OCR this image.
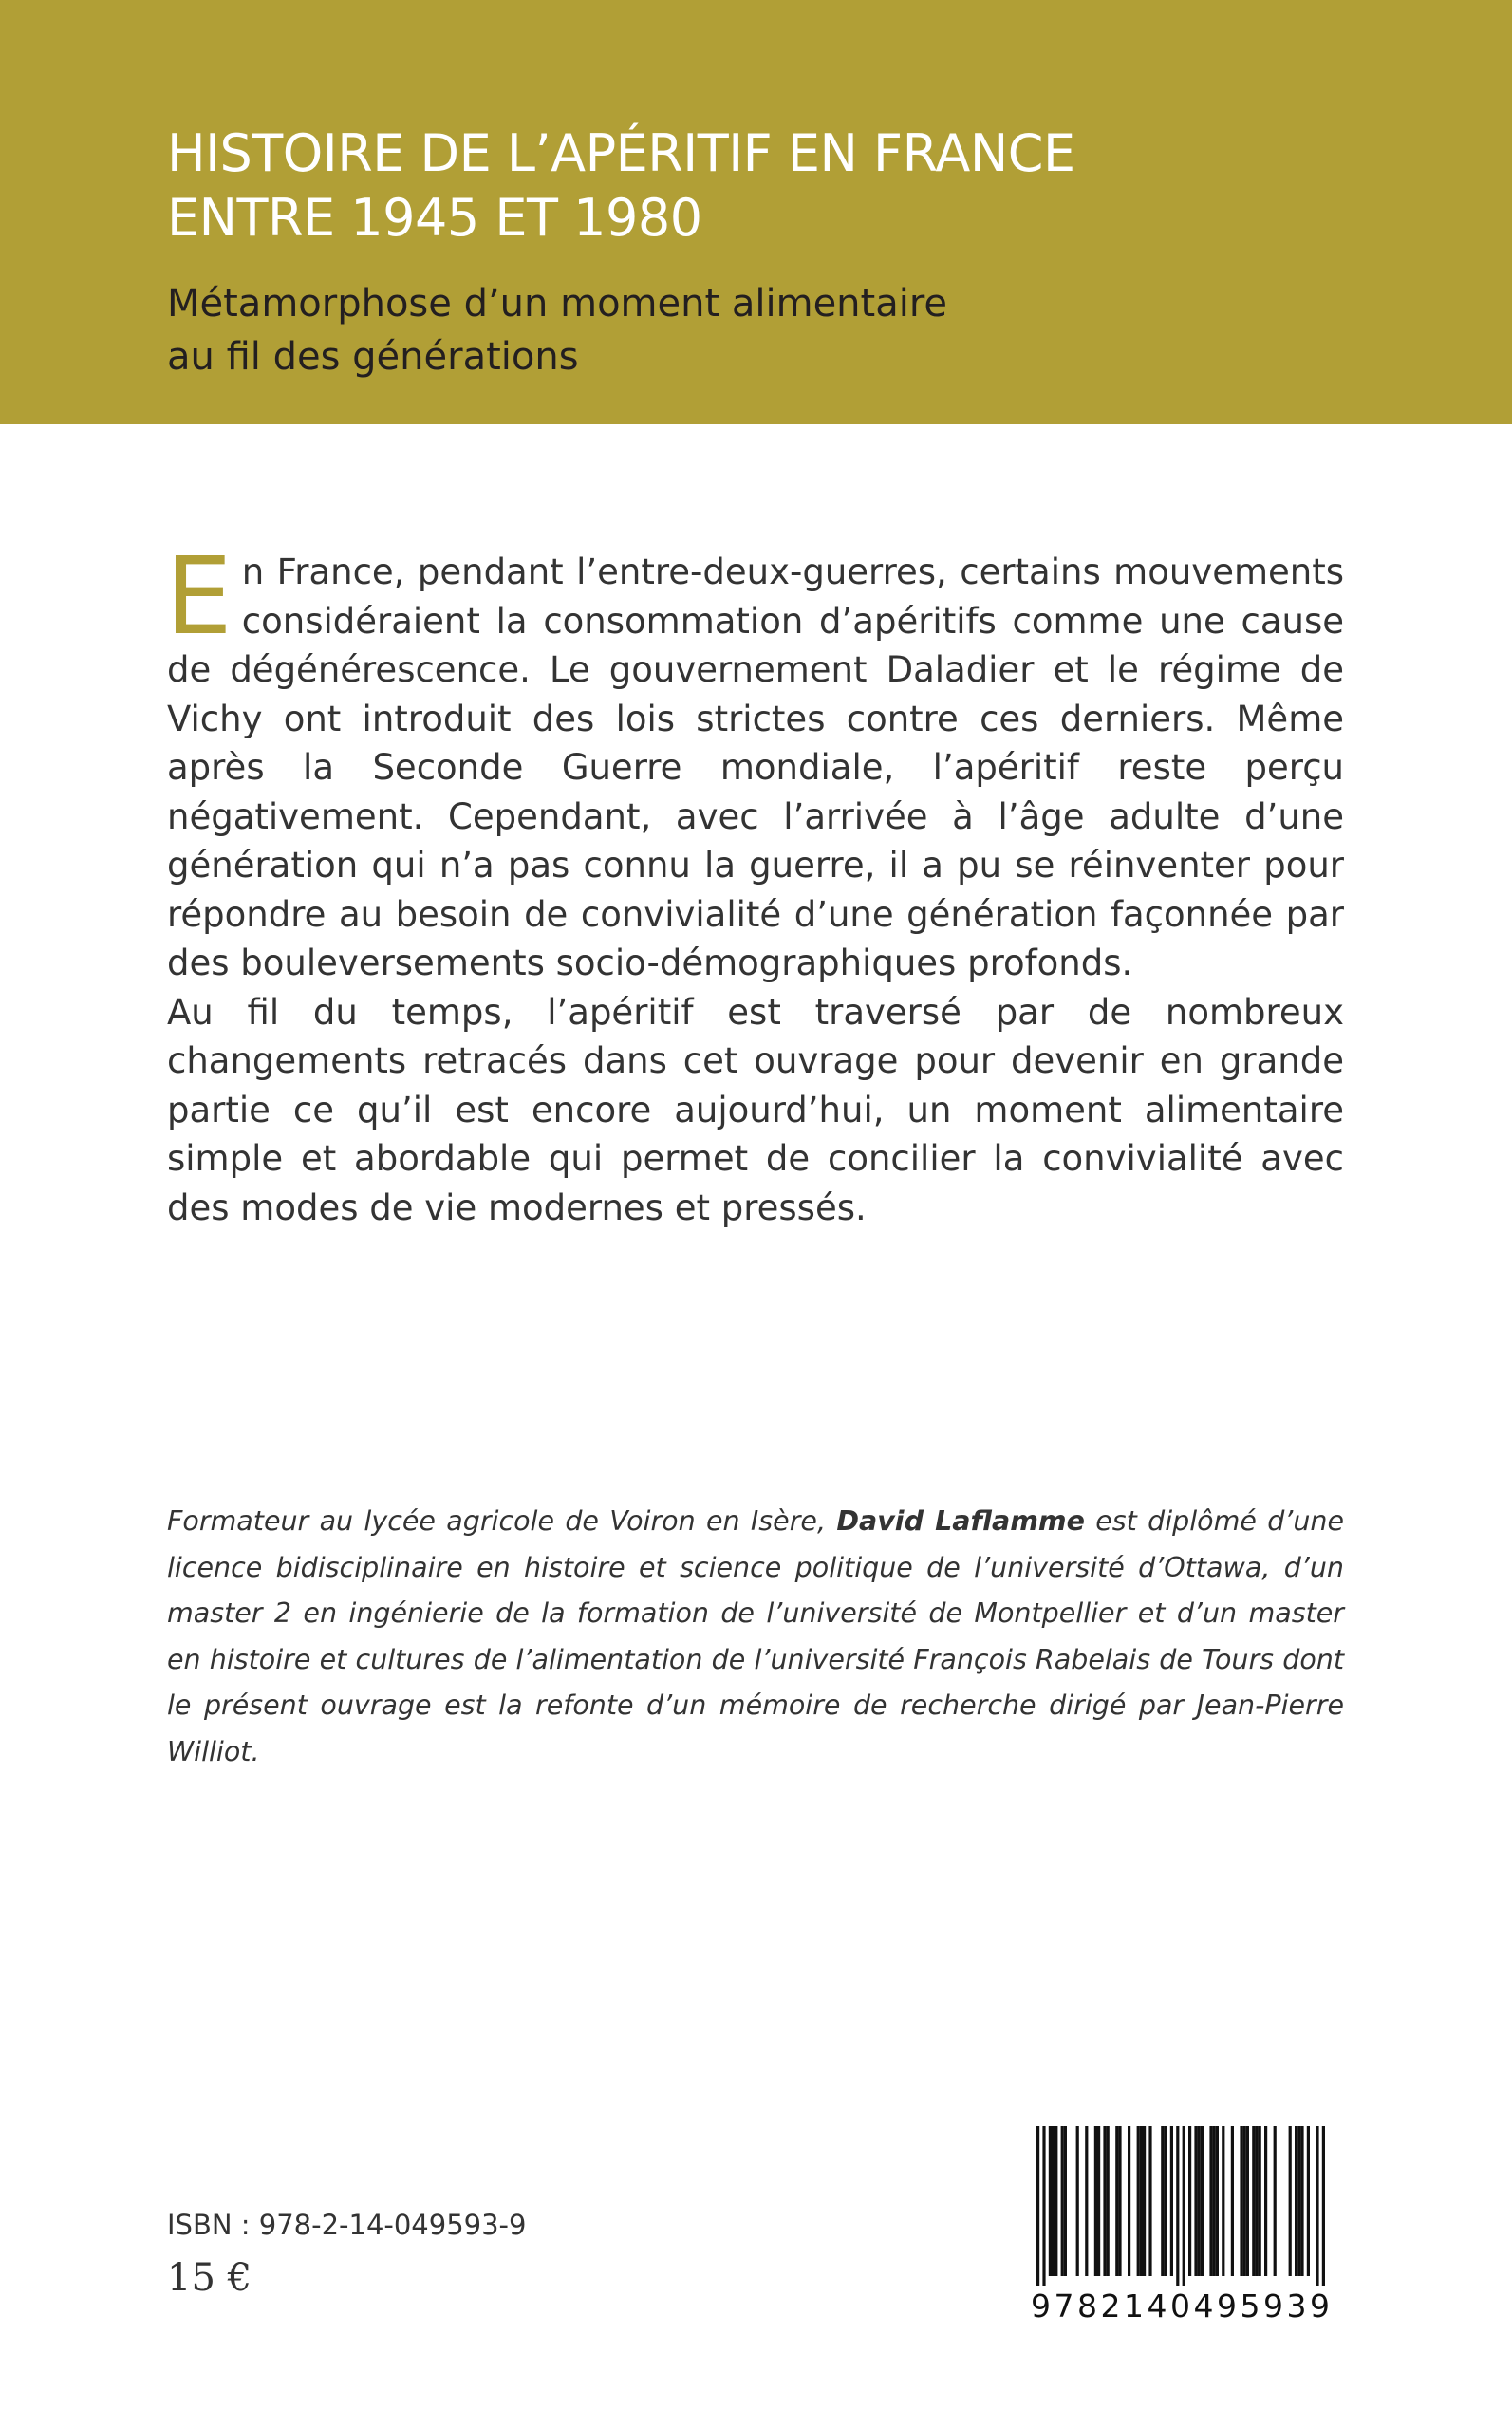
HISTOIRE DE L’APÉRITIF EN FRANCE
ENTRE 1945 ET 1980
Métamorphose d’un moment alimentaire
au fil des générations

En France, pendant l’entre-deux-guerres, certains mouvements considéraient la consommation d’apéritifs comme une cause de dégénérescence. Le gouvernement Daladier et le régime de Vichy ont introduit des lois strictes contre ces derniers. Même après la Seconde Guerre mondiale, l’apéritif reste perçu négativement. Cependant, avec l’arrivée à l’âge adulte d’une génération qui n’a pas connu la guerre, il a pu se réinventer pour répondre au besoin de convivialité d’une génération façonnée par des bouleversements socio-démographiques profonds.

Au fil du temps, l’apéritif est traversé par de nombreux changements retracés dans cet ouvrage pour devenir en grande partie ce qu’il est encore aujourd’hui, un moment alimentaire simple et abordable qui permet de concilier la convivialité avec des modes de vie modernes et pressés.

Formateur au lycée agricole de Voiron en Isère, David Laflamme est diplômé d’une licence bidisciplinaire en histoire et science politique de l’université d’Ottawa, d’un master 2 en ingénierie de la formation de l’université de Montpellier et d’un master en histoire et cultures de l’alimentation de l’université François Rabelais de Tours dont le présent ouvrage est la refonte d’un mémoire de recherche dirigé par Jean-Pierre Williot.

ISBN : 978-2-14-049593-9
15 €
9782140495939
